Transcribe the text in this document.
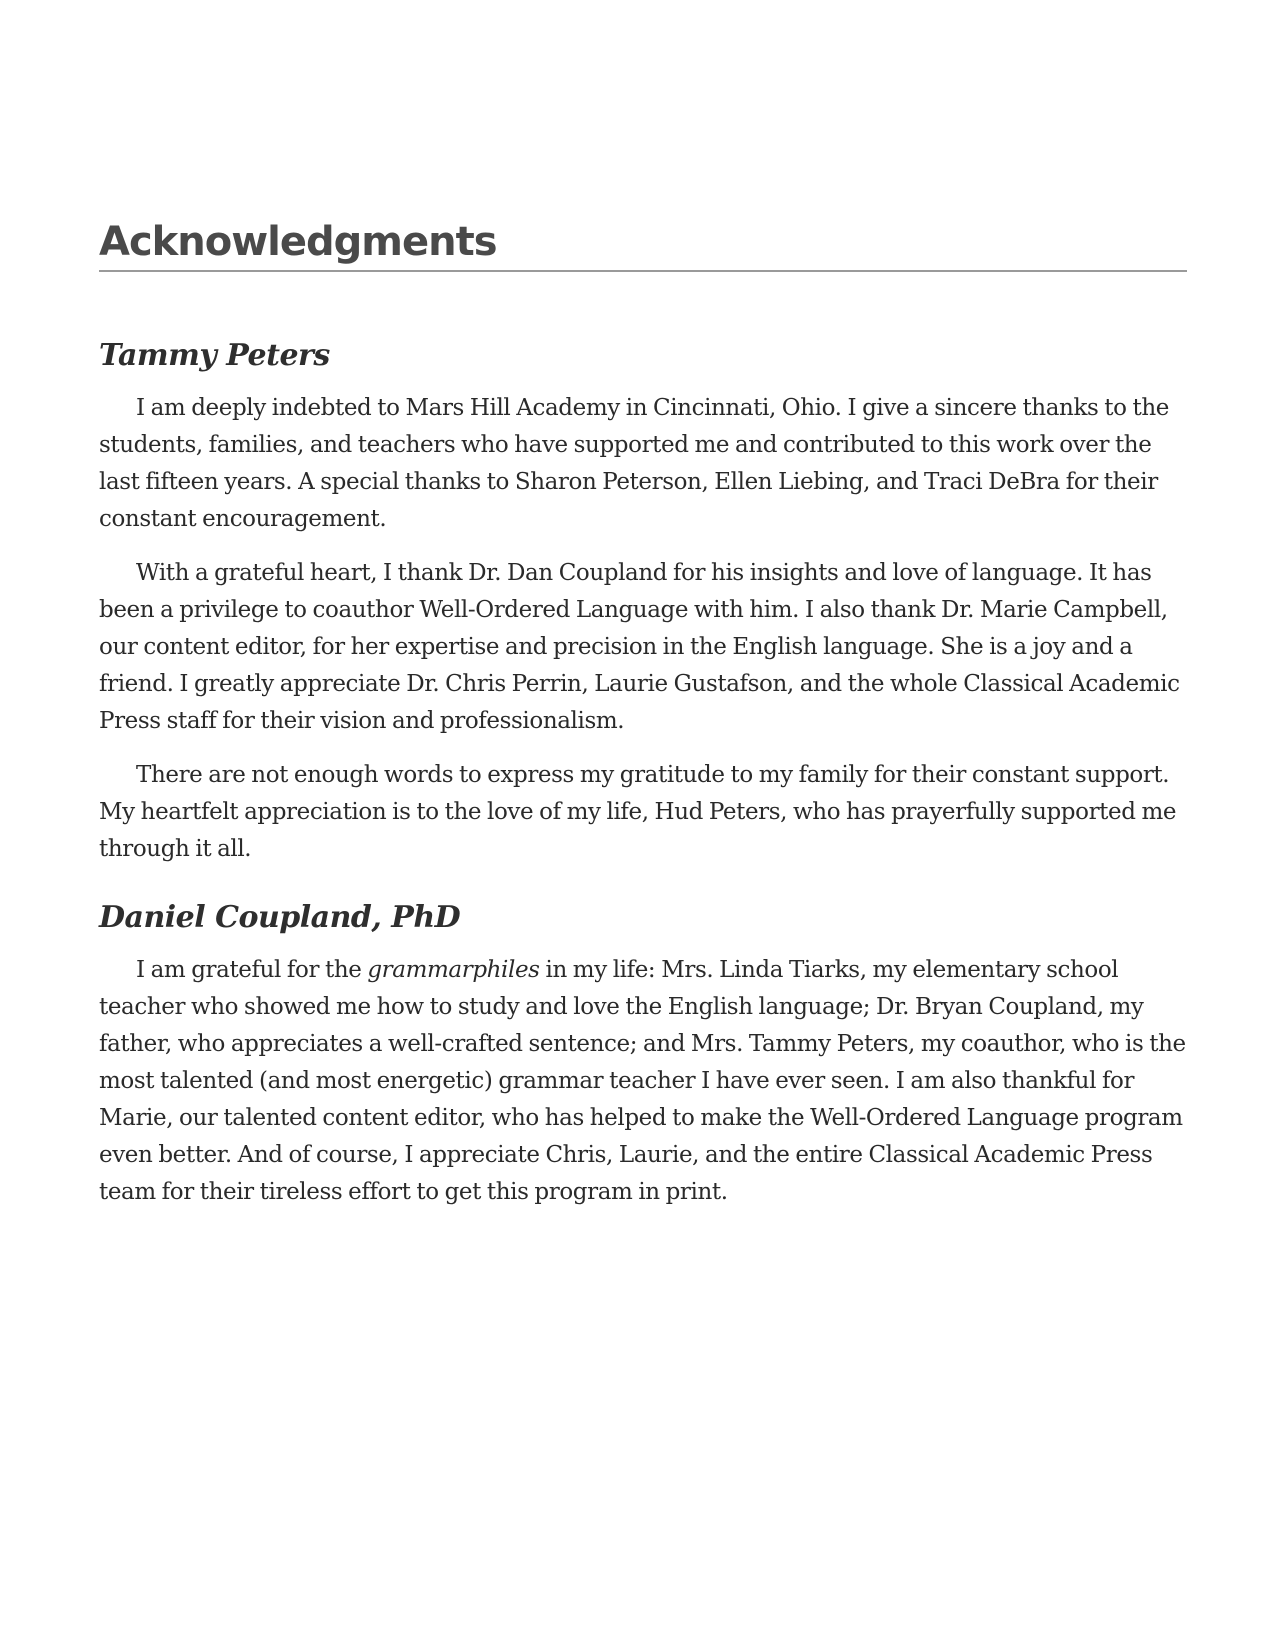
Acknowledgments
Tammy Peters

I am deeply indebted to Mars Hill Academy in Cincinnati, Ohio. I give a sincere thanks to the students, families, and teachers who have supported me and contributed to this work over the last fifteen years. A special thanks to Sharon Peterson, Ellen Liebing, and Traci DeBra for their constant encouragement.

With a grateful heart, I thank Dr. Dan Coupland for his insights and love of language. It has been a privilege to coauthor Well-Ordered Language with him. I also thank Dr. Marie Campbell, our content editor, for her expertise and precision in the English language. She is a joy and a friend. I greatly appreciate Dr. Chris Perrin, Laurie Gustafson, and the whole Classical Academic Press staff for their vision and professionalism.

There are not enough words to express my gratitude to my family for their constant support. My heartfelt appreciation is to the love of my life, Hud Peters, who has prayerfully supported me through it all.

Daniel Coupland, PhD

I am grateful for the grammarphiles in my life: Mrs. Linda Tiarks, my elementary school teacher who showed me how to study and love the English language; Dr. Bryan Coupland, my father, who appreciates a well-crafted sentence; and Mrs. Tammy Peters, my coauthor, who is the most talented (and most energetic) grammar teacher I have ever seen. I am also thankful for Marie, our talented content editor, who has helped to make the Well-Ordered Language program even better. And of course, I appreciate Chris, Laurie, and the entire Classical Academic Press team for their tireless effort to get this program in print.
